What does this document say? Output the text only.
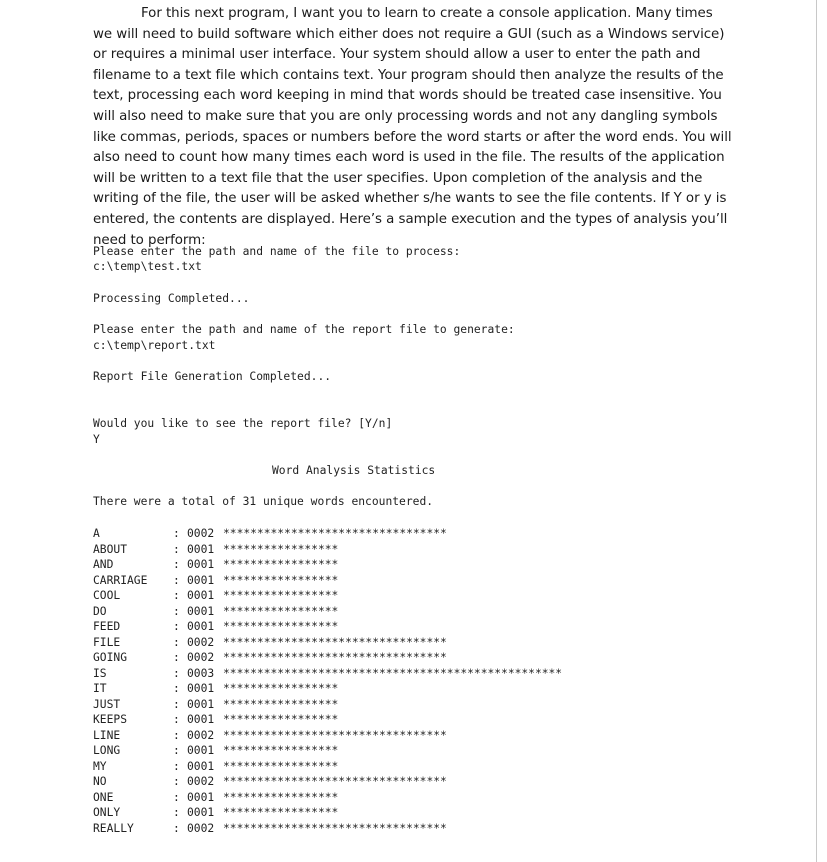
For this next program, I want you to learn to create a console application. Many times we will need to build software which either does not require a GUI (such as a Windows service) or requires a minimal user interface. Your system should allow a user to enter the path and filename to a text file which contains text. Your program should then analyze the results of the text, processing each word keeping in mind that words should be treated case insensitive. You will also need to make sure that you are only processing words and not any dangling symbols like commas, periods, spaces or numbers before the word starts or after the word ends. You will also need to count how many times each word is used in the file. The results of the application will be written to a text file that the user specifies. Upon completion of the analysis and the writing of the file, the user will be asked whether s/he wants to see the file contents. If Y or y is entered, the contents are displayed. Here’s a sample execution and the types of analysis you’ll need to perform:

Please enter the path and name of the file to process:
c:\temp\test.txt
Processing Completed...
Please enter the path and name of the report file to generate:
c:\temp\report.txt
Report File Generation Completed...
Would you like to see the report file? [Y/n]
Y
Word Analysis Statistics
There were a total of 31 unique words encountered.
A	: 0002 *********************************
ABOUT	: 0001 *****************
AND	: 0001 *****************
CARRIAGE : 0001 *****************
COOL	: 0001 *****************
DO	: 0001 *****************
FEED	: 0001 *****************
FILE	: 0002 *********************************
GOING	: 0002 *********************************
IS	: 0003 **************************************************
IT	: 0001 *****************
JUST	: 0001 *****************
KEEPS	: 0001 *****************
LINE	: 0002 *********************************
LONG	: 0001 *****************
MY	: 0001 *****************
NO	: 0002 *********************************
ONE	: 0001 *****************
ONLY	: 0001 *****************
REALLY	: 0002 *********************************
